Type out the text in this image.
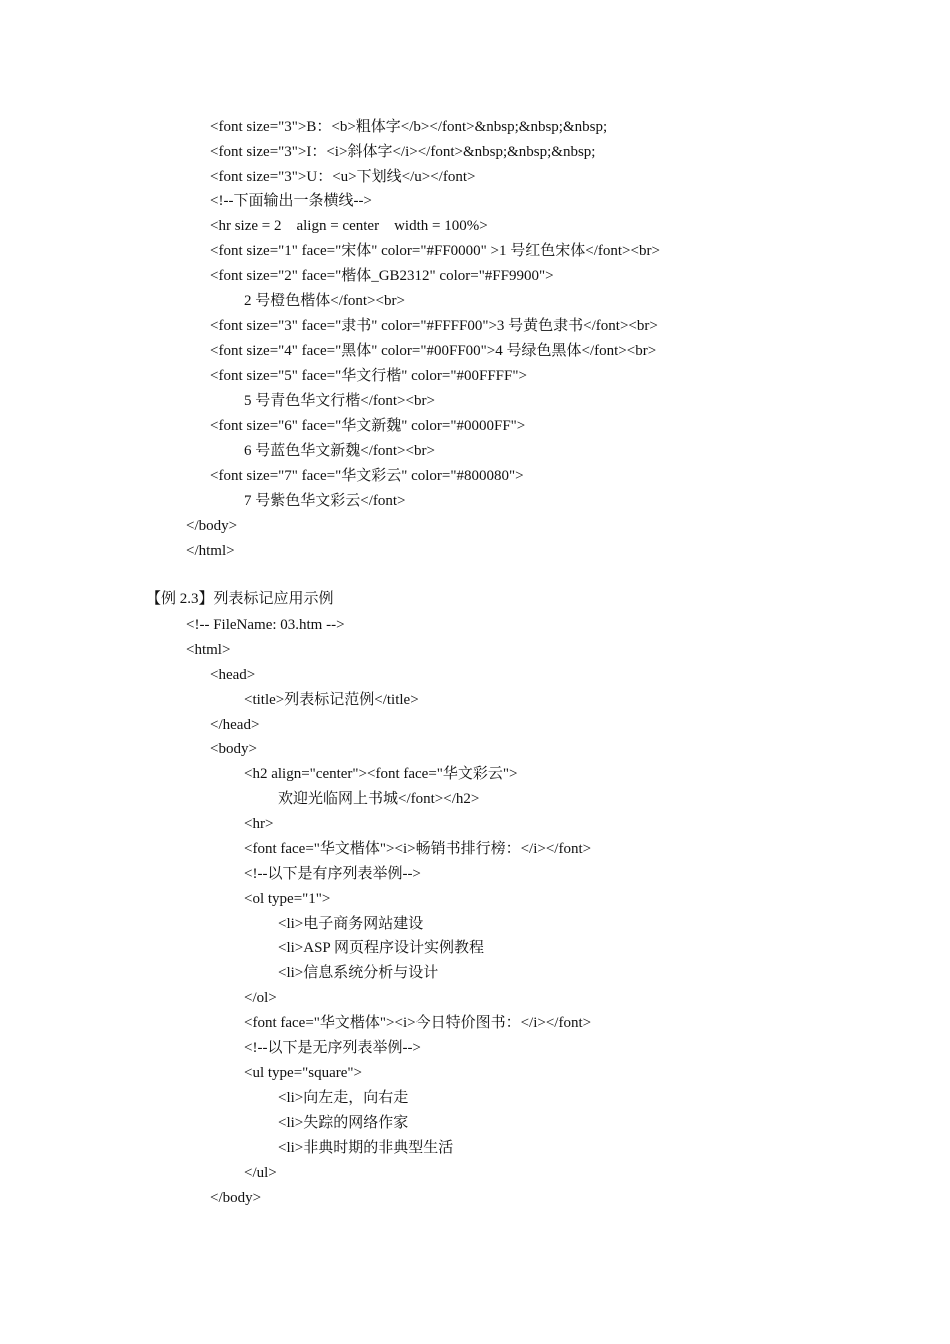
<font size="3">B：<b>粗体字</b></font>&nbsp;&nbsp;&nbsp;
<font size="3">I：<i>斜体字</i></font>&nbsp;&nbsp;&nbsp;
<font size="3">U：<u>下划线</u></font>
<!--下面输出一条横线-->
<hr size = 2    align = center    width = 100%>
<font size="1" face="宋体" color="#FF0000" >1 号红色宋体</font><br>
<font size="2" face="楷体_GB2312" color="#FF9900">
2 号橙色楷体</font><br>
<font size="3" face="隶书" color="#FFFF00">3 号黄色隶书</font><br>
<font size="4" face="黑体" color="#00FF00">4 号绿色黑体</font><br>
<font size="5" face="华文行楷" color="#00FFFF">
5 号青色华文行楷</font><br>
<font size="6" face="华文新魏" color="#0000FF">
6 号蓝色华文新魏</font><br>
<font size="7" face="华文彩云" color="#800080">
7 号紫色华文彩云</font>
</body>
</html>
【例 2.3】列表标记应用示例
<!-- FileName: 03.htm -->
<html>
<head>
<title>列表标记范例</title>
</head>
<body>
<h2 align="center"><font face="华文彩云">
欢迎光临网上书城</font></h2>
<hr>
<font face="华文楷体"><i>畅销书排行榜：</i></font>
<!--以下是有序列表举例-->
<ol type="1">
<li>电子商务网站建设
<li>ASP 网页程序设计实例教程
<li>信息系统分析与设计
</ol>
<font face="华文楷体"><i>今日特价图书：</i></font>
<!--以下是无序列表举例-->
<ul type="square">
<li>向左走，向右走
<li>失踪的网络作家
<li>非典时期的非典型生活
</ul>
</body>
